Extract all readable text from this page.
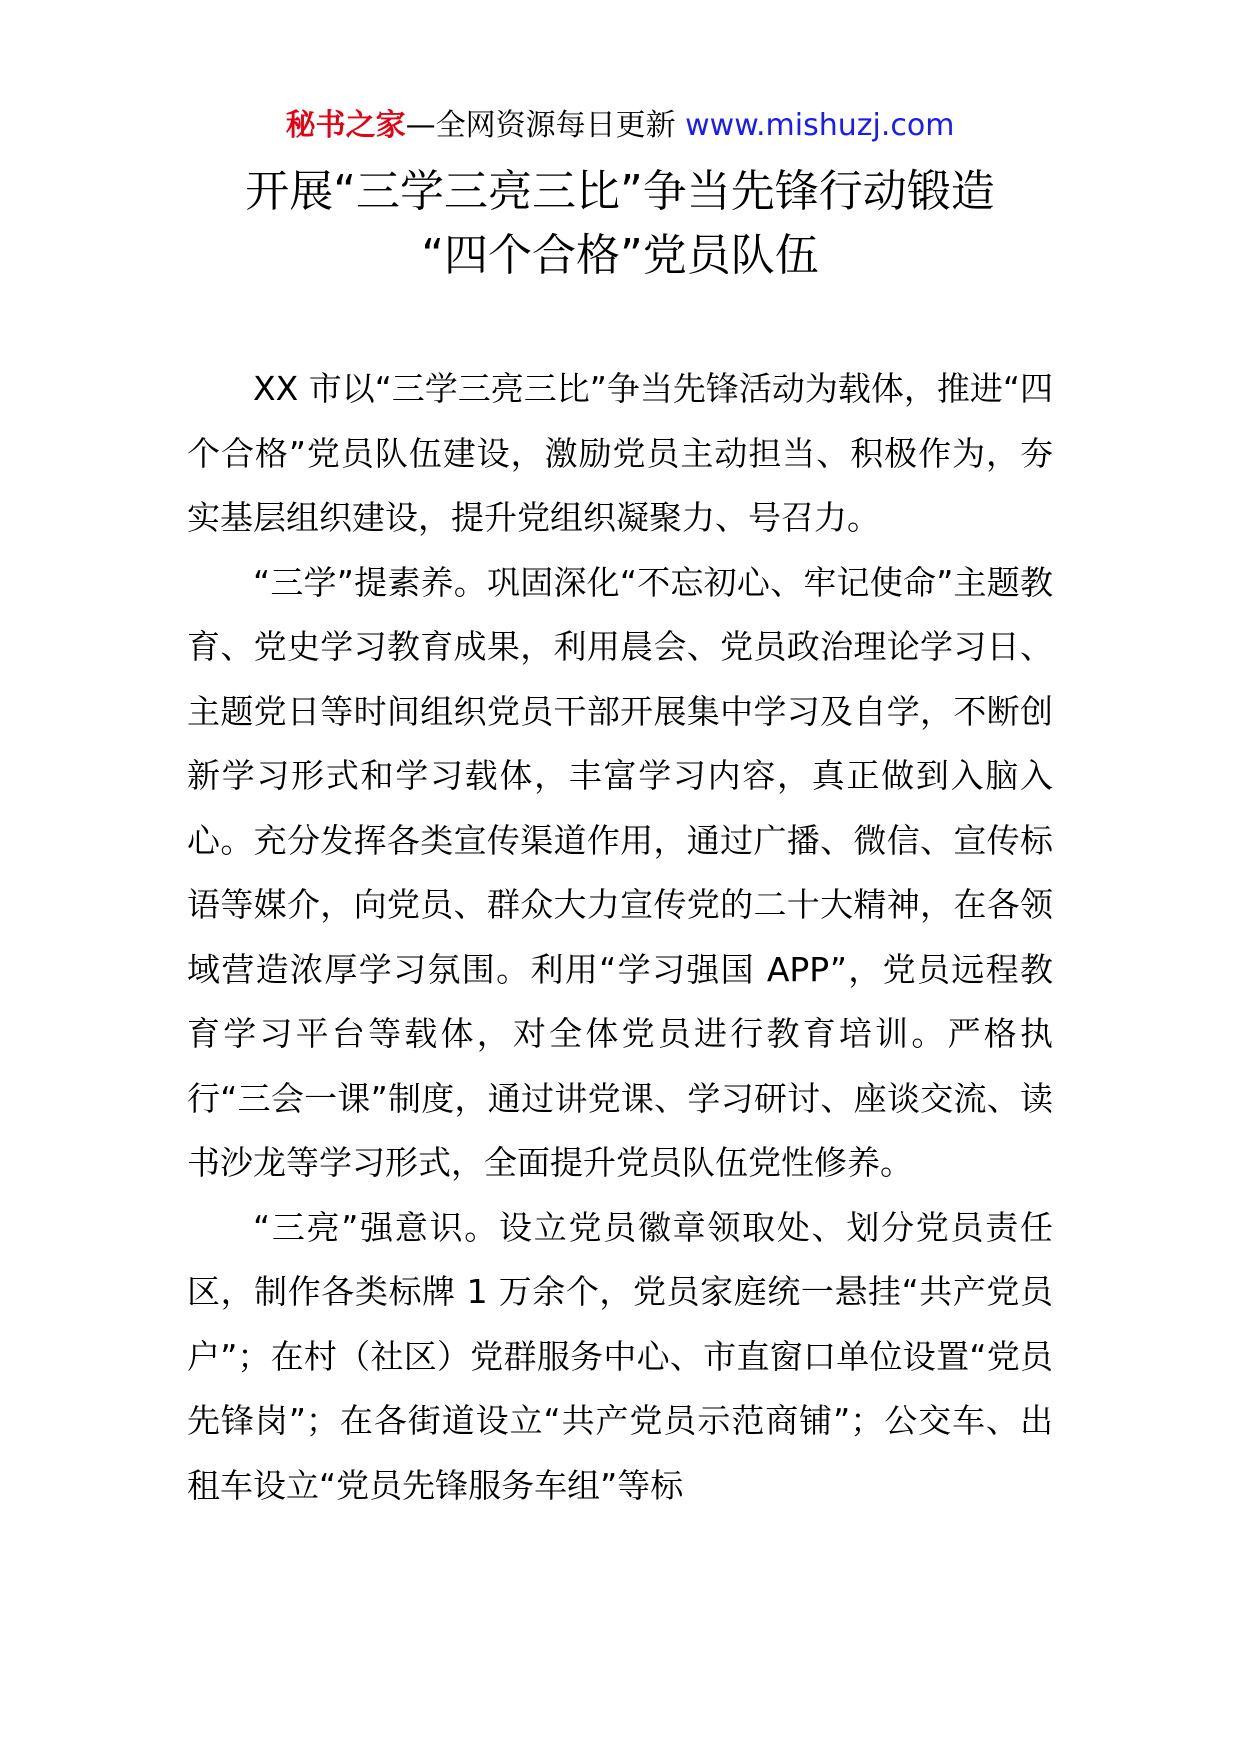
秘书之家—全网资源每日更新 www.mishuzj.com
开展“三学三亮三比”争当先锋行动锻造
“四个合格”党员队伍

XX 市以“三学三亮三比”争当先锋活动为载体，推进“四个合格”党员队伍建设，激励党员主动担当、积极作为，夯实基层组织建设，提升党组织凝聚力、号召力。

“三学”提素养。巩固深化“不忘初心、牢记使命”主题教育、党史学习教育成果，利用晨会、党员政治理论学习日、主题党日等时间组织党员干部开展集中学习及自学，不断创新学习形式和学习载体，丰富学习内容，真正做到入脑入心。充分发挥各类宣传渠道作用，通过广播、微信、宣传标语等媒介，向党员、群众大力宣传党的二十大精神，在各领域营造浓厚学习氛围。利用“学习强国 APP”，党员远程教育学习平台等载体，对全体党员进行教育培训。严格执行“三会一课”制度，通过讲党课、学习研讨、座谈交流、读书沙龙等学习形式，全面提升党员队伍党性修养。

“三亮”强意识。设立党员徽章领取处、划分党员责任区，制作各类标牌 1 万余个，党员家庭统一悬挂“共产党员户”；在村（社区）党群服务中心、市直窗口单位设置“党员先锋岗”；在各街道设立“共产党员示范商铺”；公交车、出租车设立“党员先锋服务车组”等标
